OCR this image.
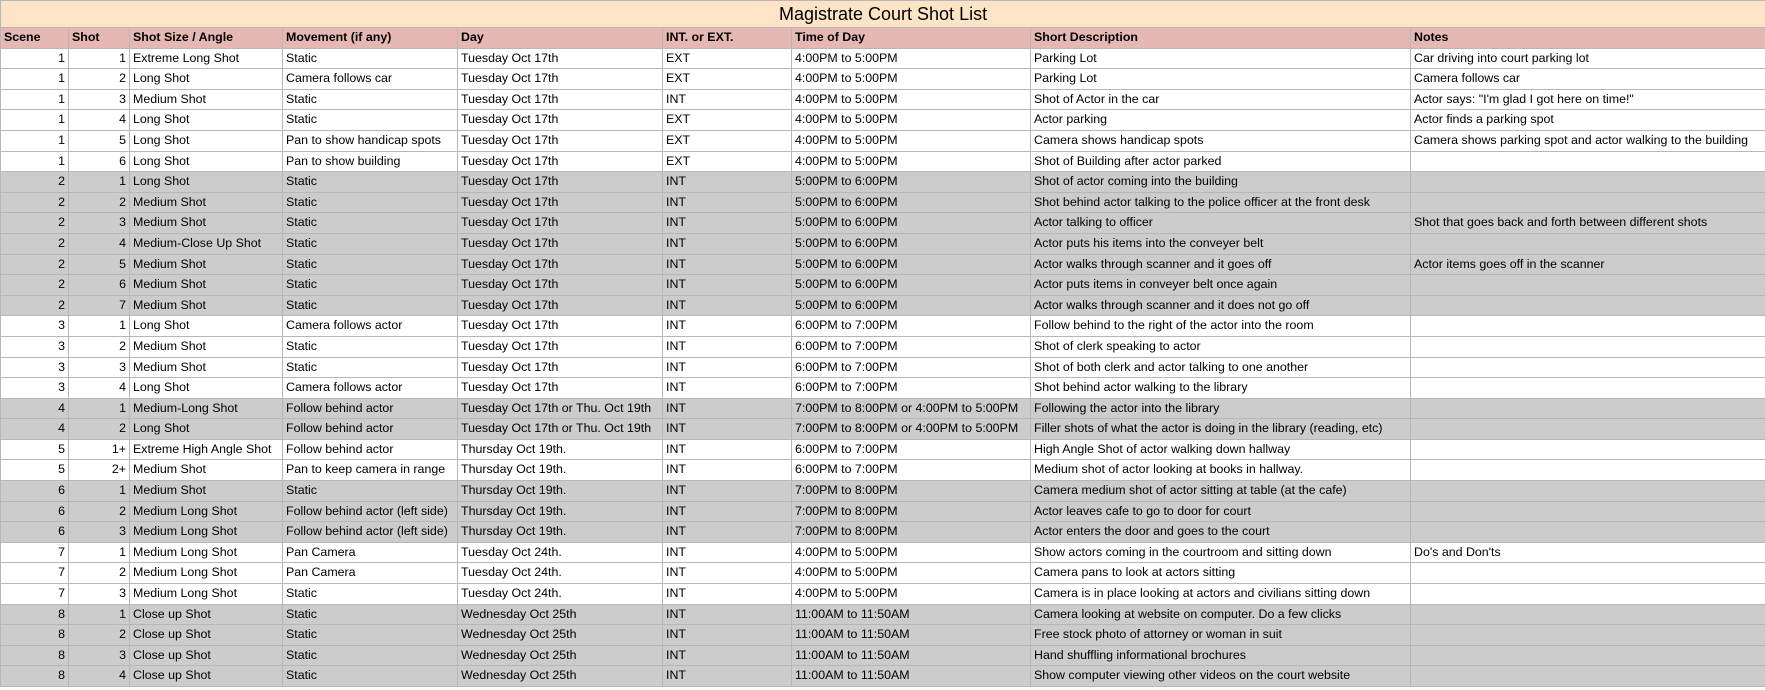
Magistrate Court Shot List								
Scene	Shot	Shot Size / Angle	Movement (if any)	Day	INT. or EXT.	Time of Day	Short Description	Notes
1	1	Extreme Long Shot	Static	Tuesday Oct 17th	EXT	4:00PM to 5:00PM	Parking Lot	Car driving into court parking lot
1	2	Long Shot	Camera follows car	Tuesday Oct 17th	EXT	4:00PM to 5:00PM	Parking Lot	Camera follows car
1	3	Medium Shot	Static	Tuesday Oct 17th	INT	4:00PM to 5:00PM	Shot of Actor in the car	Actor says: "I'm glad I got here on time!"
1	4	Long Shot	Static	Tuesday Oct 17th	EXT	4:00PM to 5:00PM	Actor parking	Actor finds a parking spot
1	5	Long Shot	Pan to show handicap spots	Tuesday Oct 17th	EXT	4:00PM to 5:00PM	Camera shows handicap spots	Camera shows parking spot and actor walking to the building
1	6	Long Shot	Pan to show building	Tuesday Oct 17th	EXT	4:00PM to 5:00PM	Shot of Building after actor parked	
2	1	Long Shot	Static	Tuesday Oct 17th	INT	5:00PM to 6:00PM	Shot of actor coming into the building	
2	2	Medium Shot	Static	Tuesday Oct 17th	INT	5:00PM to 6:00PM	Shot behind actor talking to the police officer at the front desk	
2	3	Medium Shot	Static	Tuesday Oct 17th	INT	5:00PM to 6:00PM	Actor talking to officer	Shot that goes back and forth between different shots
2	4	Medium-Close Up Shot	Static	Tuesday Oct 17th	INT	5:00PM to 6:00PM	Actor puts his items into the conveyer belt	
2	5	Medium Shot	Static	Tuesday Oct 17th	INT	5:00PM to 6:00PM	Actor walks through scanner and it goes off	Actor items goes off in the scanner
2	6	Medium Shot	Static	Tuesday Oct 17th	INT	5:00PM to 6:00PM	Actor puts items in conveyer belt once again	
2	7	Medium Shot	Static	Tuesday Oct 17th	INT	5:00PM to 6:00PM	Actor walks through scanner and it does not go off	
3	1	Long Shot	Camera follows actor	Tuesday Oct 17th	INT	6:00PM to 7:00PM	Follow behind to the right of the actor into the room	
3	2	Medium Shot	Static	Tuesday Oct 17th	INT	6:00PM to 7:00PM	Shot of clerk speaking to actor	
3	3	Medium Shot	Static	Tuesday Oct 17th	INT	6:00PM to 7:00PM	Shot of both clerk and actor talking to one another	
3	4	Long Shot	Camera follows actor	Tuesday Oct 17th	INT	6:00PM to 7:00PM	Shot behind actor walking to the library	
4	1	Medium-Long Shot	Follow behind actor	Tuesday Oct 17th or Thu. Oct 19th	INT	7:00PM to 8:00PM or 4:00PM to 5:00PM	Following the actor into the library	
4	2	Long Shot	Follow behind actor	Tuesday Oct 17th or Thu. Oct 19th	INT	7:00PM to 8:00PM or 4:00PM to 5:00PM	Filler shots of what the actor is doing in the library (reading, etc)	
5	1+	Extreme High Angle Shot	Follow behind actor	Thursday Oct 19th.	INT	6:00PM to 7:00PM	High Angle Shot of actor walking down hallway	
5	2+	Medium Shot	Pan to keep camera in range	Thursday Oct 19th.	INT	6:00PM to 7:00PM	Medium shot of actor looking at books in hallway.	
6	1	Medium Shot	Static	Thursday Oct 19th.	INT	7:00PM to 8:00PM	Camera medium shot of actor sitting at table (at the cafe)	
6	2	Medium Long Shot	Follow behind actor (left side)	Thursday Oct 19th.	INT	7:00PM to 8:00PM	Actor leaves cafe to go to door for court	
6	3	Medium Long Shot	Follow behind actor (left side)	Thursday Oct 19th.	INT	7:00PM to 8:00PM	Actor enters the door and goes to the court	
7	1	Medium Long Shot	Pan Camera	Tuesday Oct 24th.	INT	4:00PM to 5:00PM	Show actors coming in the courtroom and sitting down	Do's and Don'ts
7	2	Medium Long Shot	Pan Camera	Tuesday Oct 24th.	INT	4:00PM to 5:00PM	Camera pans to look at actors sitting	
7	3	Medium Long Shot	Static	Tuesday Oct 24th.	INT	4:00PM to 5:00PM	Camera is in place looking at actors and civilians sitting down	
8	1	Close up Shot	Static	Wednesday Oct 25th	INT	11:00AM to 11:50AM	Camera looking at website on computer. Do a few clicks	
8	2	Close up Shot	Static	Wednesday Oct 25th	INT	11:00AM to 11:50AM	Free stock photo of attorney or woman in suit	
8	3	Close up Shot	Static	Wednesday Oct 25th	INT	11:00AM to 11:50AM	Hand shuffling informational brochures	
8	4	Close up Shot	Static	Wednesday Oct 25th	INT	11:00AM to 11:50AM	Show computer viewing other videos on the court website	
